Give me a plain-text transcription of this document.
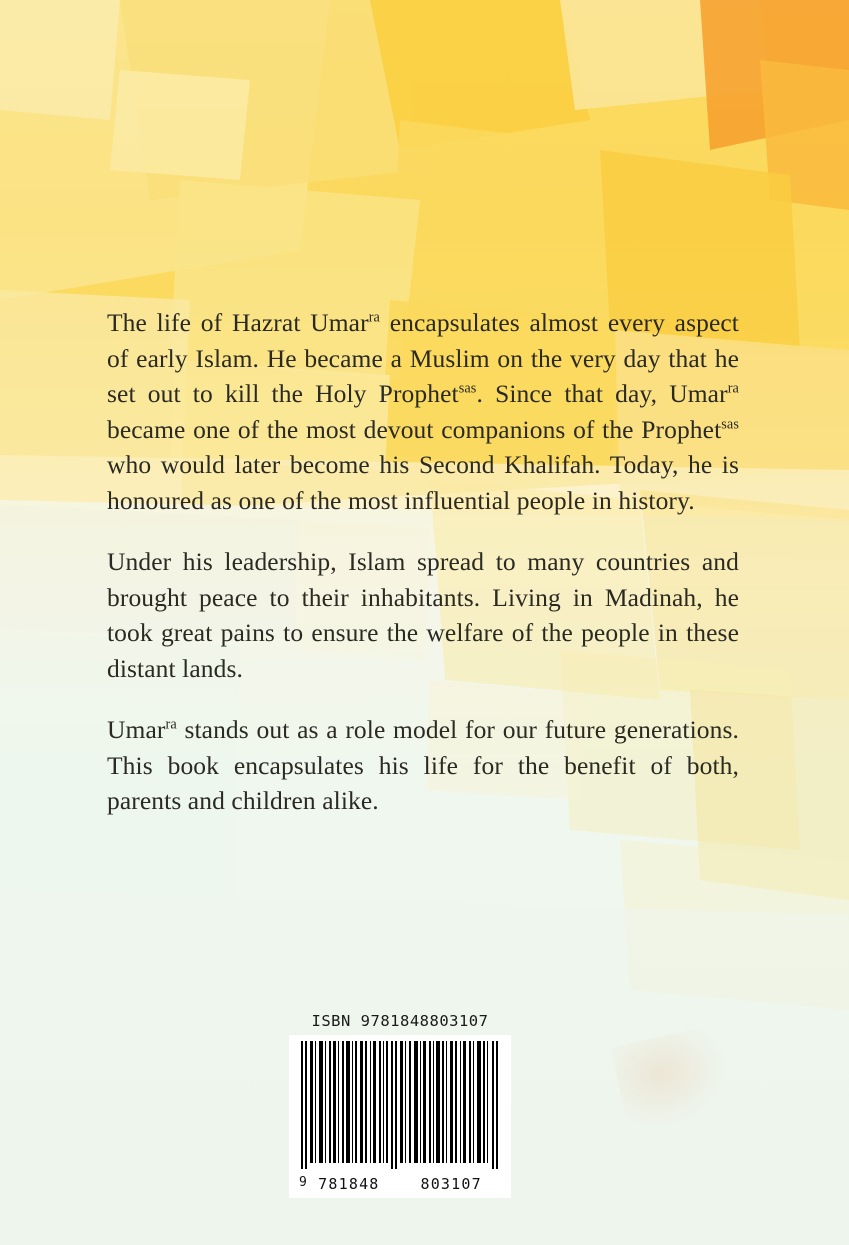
The life of Hazrat Umar$^{ra}$ encapsulates almost every aspect of early Islam. He became a Muslim on the very day that he set out to kill the Holy Prophet$^{sas}$. Since that day, Umar$^{ra}$ became one of the most devout companions of the Prophet$^{sas}$ who would later become his Second Khalifah. Today, he is honoured as one of the most influential people in history.

Under his leadership, Islam spread to many countries and brought peace to their inhabitants. Living in Madinah, he took great pains to ensure the welfare of the people in these distant lands.

Umar$^{ra}$ stands out as a role model for our future generations. This book encapsulates his life for the benefit of both, parents and children alike.

ISBN 9781848803107
9 781848	803107
